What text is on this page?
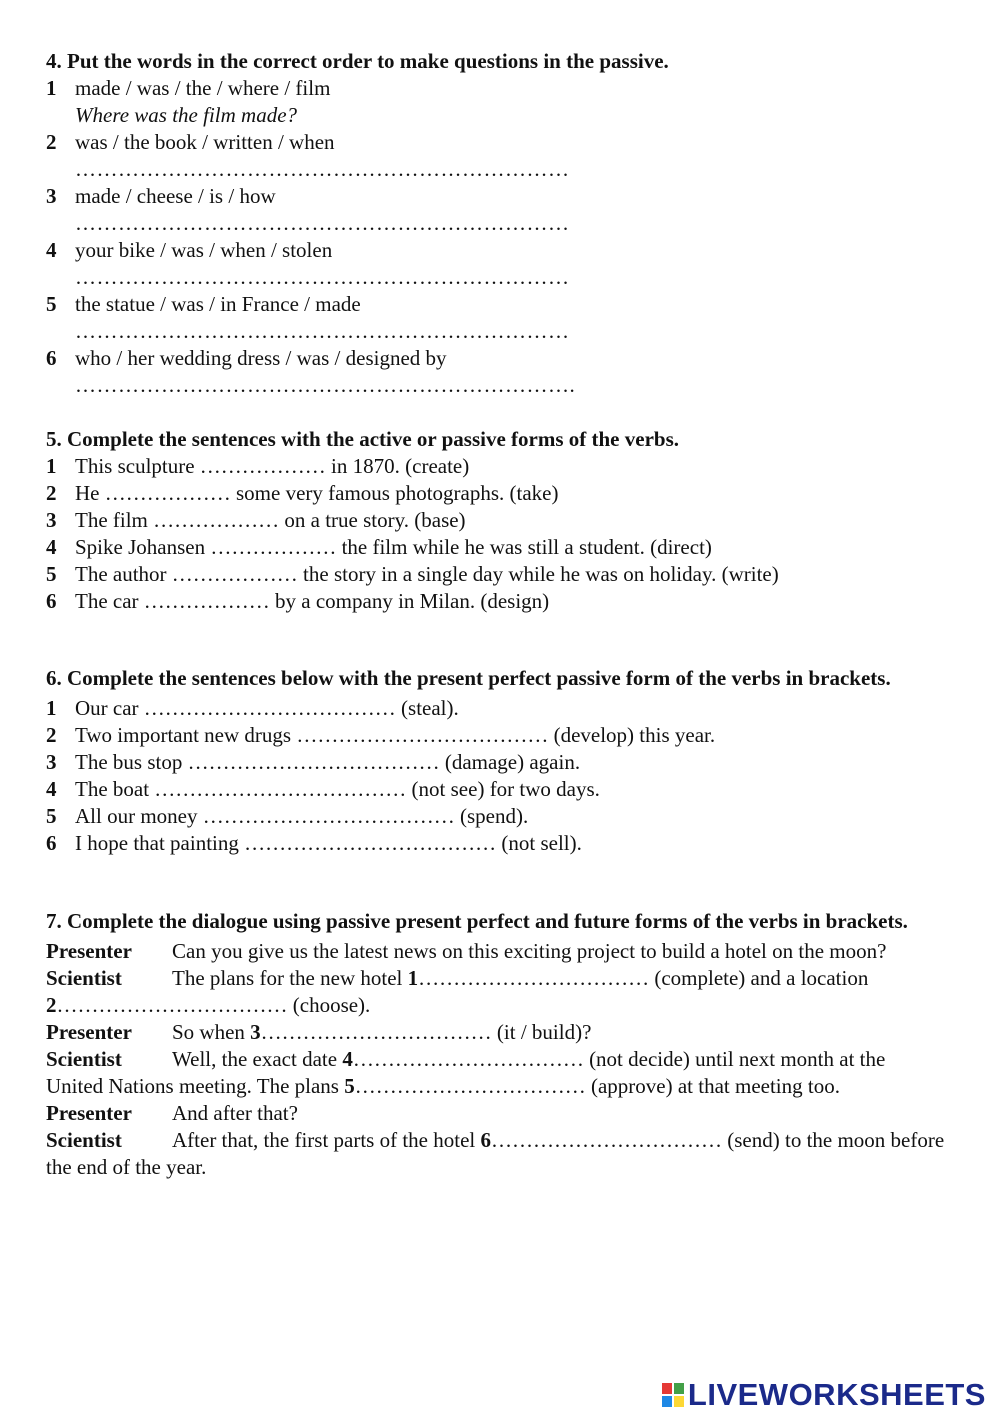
4. Put the words in the correct order to make questions in the passive.
1 made / was / the / where / film
Where was the film made?
2 was / the book / written / when
……………………………………………………………
3 made / cheese / is / how
……………………………………………………………
4 your bike / was / when / stolen
……………………………………………………………
5 the statue / was / in France / made
……………………………………………………………
6 who / her wedding dress / was / designed by
…………………………………………………………….
5. Complete the sentences with the active or passive forms of the verbs.
1 This sculpture ……………… in 1870. (create)
2 He ……………… some very famous photographs. (take)
3 The film ……………… on a true story. (base)
4 Spike Johansen ……………… the film while he was still a student. (direct)
5 The author ……………… the story in a single day while he was on holiday. (write)
6 The car ……………… by a company in Milan. (design)
6. Complete the sentences below with the present perfect passive form of the verbs in brackets.
1 Our car ……………………………… (steal).
2 Two important new drugs ……………………………… (develop) this year.
3 The bus stop ……………………………… (damage) again.
4 The boat ……………………………… (not see) for two days.
5 All our money ……………………………… (spend).
6 I hope that painting ……………………………… (not sell).
7. Complete the dialogue using passive present perfect and future forms of the verbs in brackets.
Presenter Can you give us the latest news on this exciting project to build a hotel on the moon?
Scientist The plans for the new hotel 1…………………………… (complete) and a location 2…………………………… (choose).
Presenter So when 3…………………………… (it / build)?
Scientist Well, the exact date 4…………………………… (not decide) until next month at the United Nations meeting. The plans 5…………………………… (approve) at that meeting too.
Presenter And after that?
Scientist After that, the first parts of the hotel 6…………………………… (send) to the moon before the end of the year.
LIVEWORKSHEETS
